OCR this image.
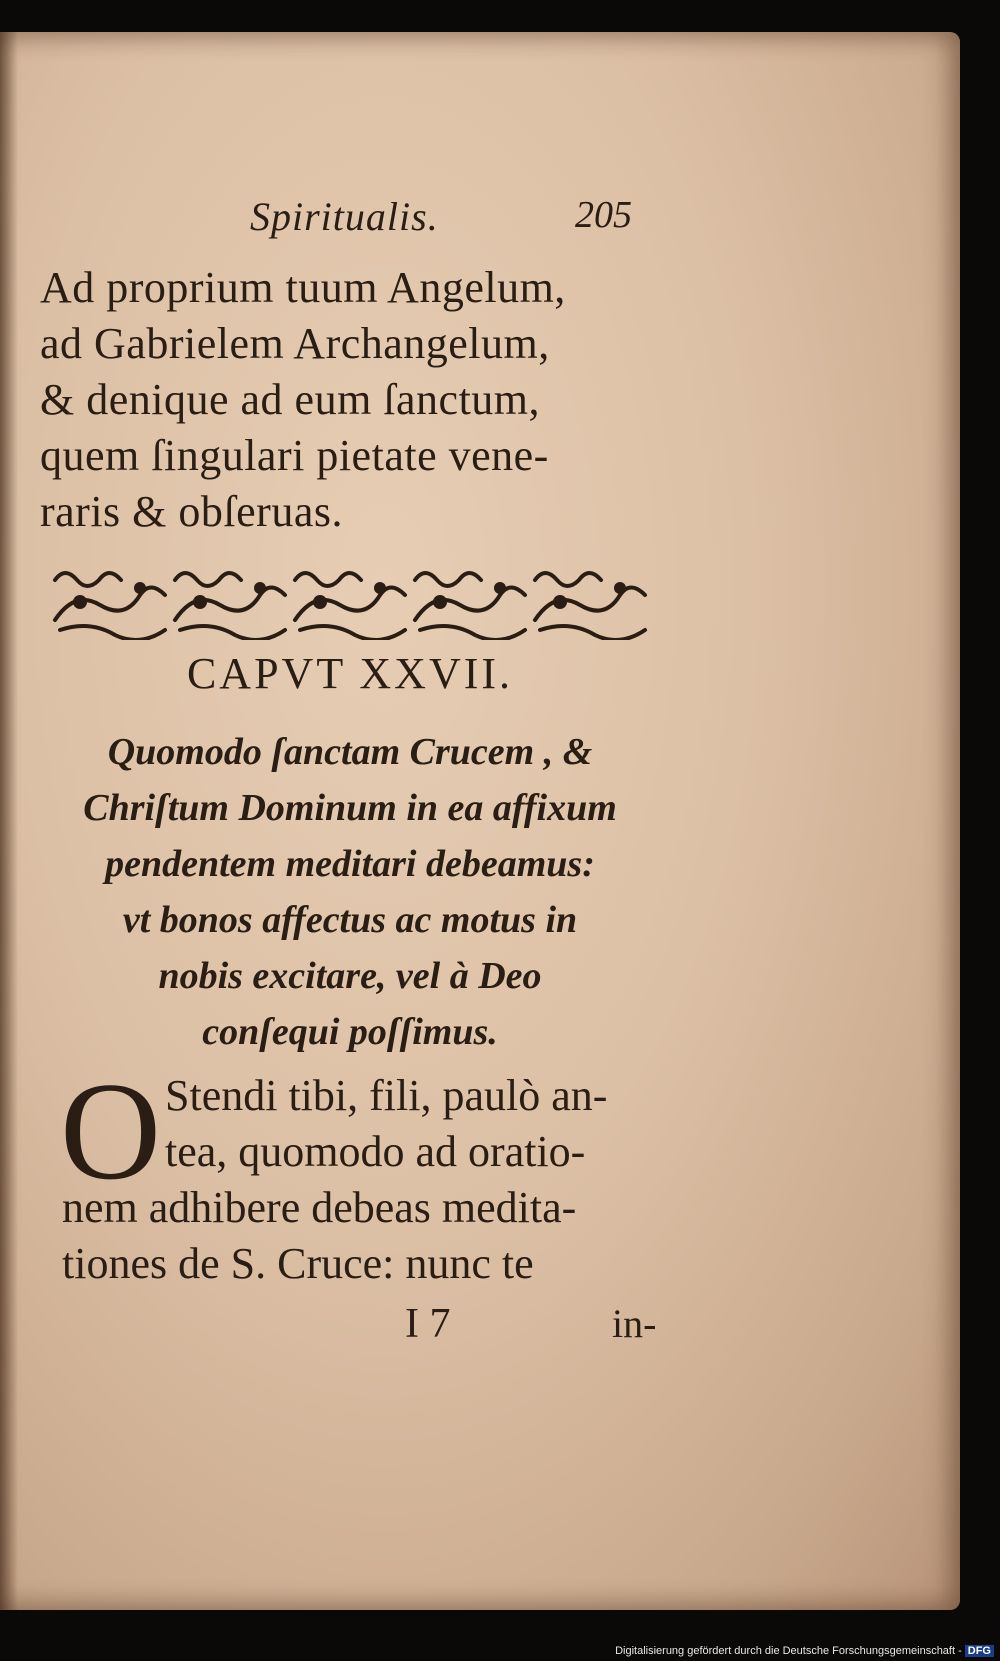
Spiritualis.	205
Ad proprium tuum Angelum,
ad Gabrielem Archangelum,
& denique ad eum ſanctum,
quem ſingulari pietate vene-
raris & obſeruas.
CAPVT XXVII.
Quomodo ſanctam Crucem , &
Chriſtum Dominum in ea affixum
pendentem meditari debeamus:
vt bonos affectus ac motus in
nobis excitare, vel à Deo
conſequi poſſimus.
O Stendi tibi, fili, paulò an-
tea, quomodo ad oratio-
nem adhibere debeas medita-
tiones de S. Cruce: nunc te
I 7	in-
Digitalisierung gefördert durch die Deutsche Forschungsgemeinschaft - DFG
